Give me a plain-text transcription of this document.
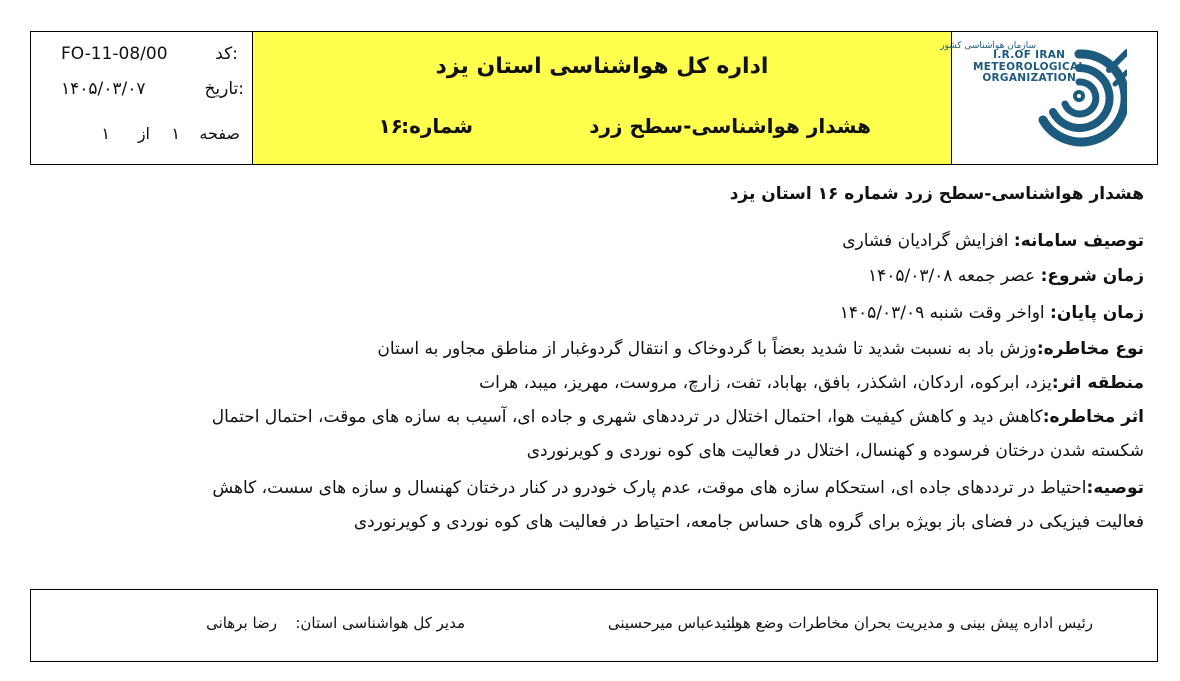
کد:
FO-11-08/00
تاریخ:
۱۴۰۵/۰۳/۰۷
صفحه
۱
از
۱
اداره کل هواشناسی استان یزد
هشدار هواشناسی-سطح زرد
شماره:
۱۶
سازمان هواشناسی کشور
I.R.OF IRAN
METEOROLOGICAL
ORGANIZATION
هشدار هواشناسی-سطح زرد شماره ۱۶ استان یزد
توصیف سامانه: افزایش گرادیان فشاری
زمان شروع: عصر جمعه ۱۴۰۵/۰۳/۰۸
زمان پایان: اواخر وقت شنبه ۱۴۰۵/۰۳/۰۹
نوع مخاطره:وزش باد به نسبت شدید تا شدید بعضاً با گردوخاک و انتقال گردوغبار از مناطق مجاور به استان
منطقه اثر:یزد، ابرکوه، اردکان، اشکذر، بافق، بهاباد، تفت، زارچ، مروست، مهریز، میبد، هرات
اثر مخاطره:کاهش دید و کاهش کیفیت هوا، احتمال اختلال در ترددهای شهری و جاده ای، آسیب به سازه های موقت، احتمال احتمال
شکسته شدن درختان فرسوده و کهنسال، اختلال در فعالیت های کوه نوردی و کویرنوردی
توصیه:احتیاط در ترددهای جاده ای، استحکام سازه های موقت، عدم پارک خودرو در کنار درختان کهنسال و سازه های سست، کاهش
فعالیت فیزیکی در فضای باز بویژه برای گروه های حساس جامعه، احتیاط در فعالیت های کوه نوردی و کویرنوردی
رئیس اداره پیش بینی و مدیریت بحران مخاطرات وضع هوا:
سیدعباس میرحسینی
مدیر کل هواشناسی استان:
رضا برهانی
